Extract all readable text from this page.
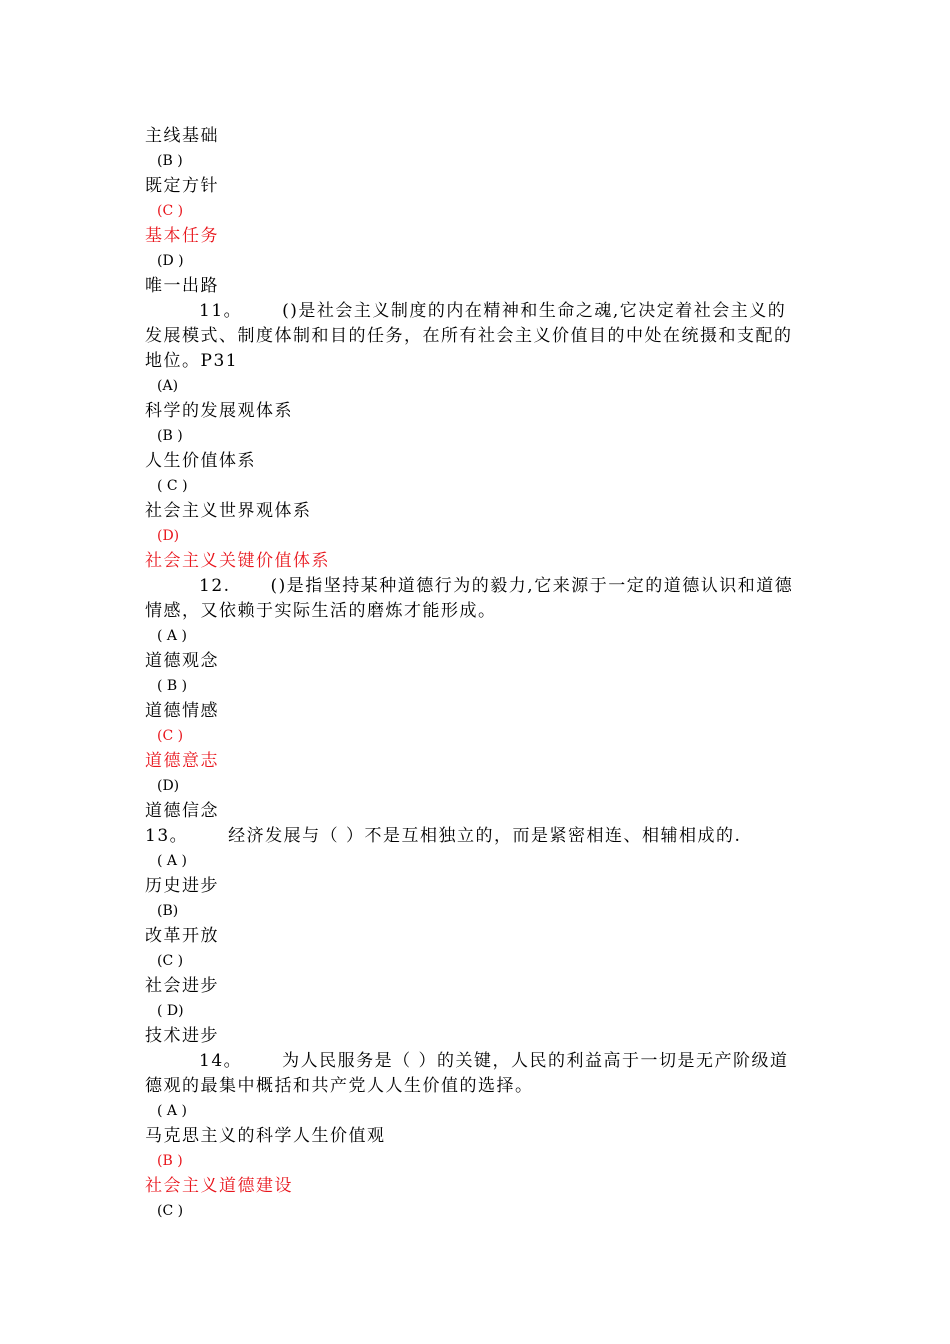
主线基础
(B )
既定方针
(C )
基本任务
(D )
唯一出路
11。 ()是社会主义制度的内在精神和生命之魂,它决定着社会主义的发展模式、制度体制和目的任务，在所有社会主义价值目的中处在统摄和支配的地位。P31
(A)
科学的发展观体系
(B )
人生价值体系
( C )
社会主义世界观体系
(D)
社会主义关键价值体系
12. ()是指坚持某种道德行为的毅力,它来源于一定的道德认识和道德情感，又依赖于实际生活的磨炼才能形成。
( A )
道德观念
( B )
道德情感
(C )
道德意志
(D)
道德信念
13。 经济发展与（ ）不是互相独立的，而是紧密相连、相辅相成的.
( A )
历史进步
(B)
改革开放
(C )
社会进步
( D)
技术进步
14。 为人民服务是（ ）的关键，人民的利益高于一切是无产阶级道德观的最集中概括和共产党人人生价值的选择。
( A )
马克思主义的科学人生价值观
(B )
社会主义道德建设
(C )
